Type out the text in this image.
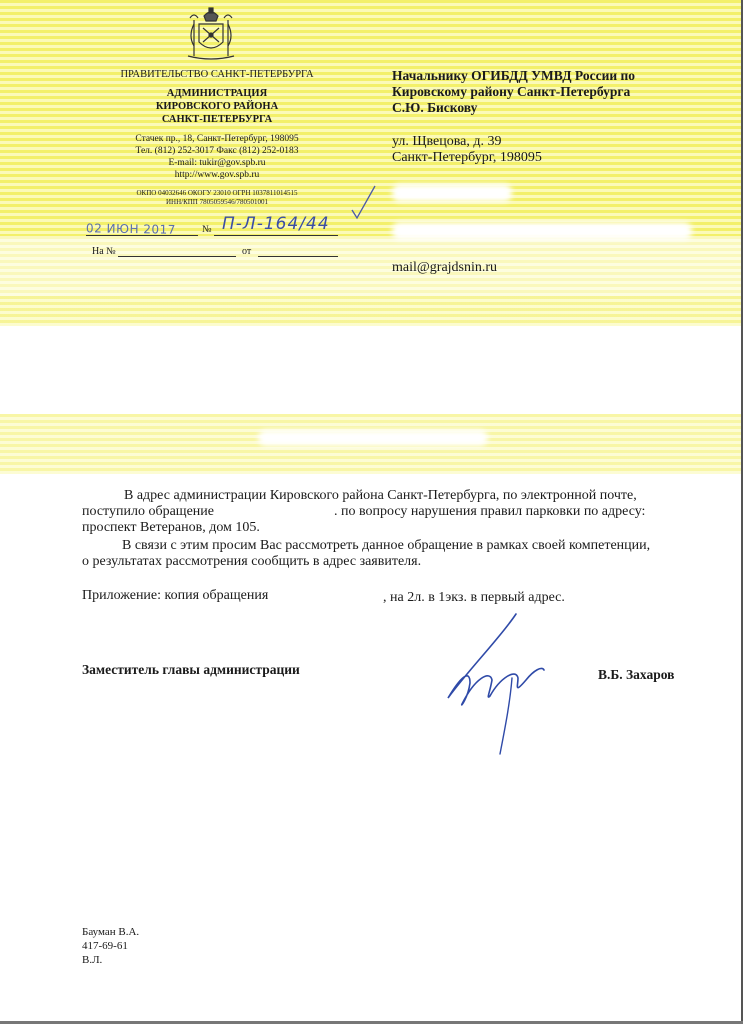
ПРАВИТЕЛЬСТВО САНКТ-ПЕТЕРБУРГА
АДМИНИСТРАЦИЯ
КИРОВСКОГО РАЙОНА
САНКТ-ПЕТЕРБУРГА
Стачек пр., 18, Санкт-Петербург, 198095
Тел. (812) 252-3017 Факс (812) 252-0183
E-mail: tukir@gov.spb.ru
http://www.gov.spb.ru
ОКПО 04032646 ОКОГУ 23010 ОГРН 1037811014515
ИНН/КПП 7805059546/780501001
02 ИЮН 2017	№ П-Л-164/44
На №	от
Начальнику ОГИБДД УМВД России по
Кировскому району Санкт-Петербурга
С.Ю. Бискову
ул. Щвецова, д. 39
Санкт-Петербург, 198095
mail@grajdsnin.ru
В адрес администрации Кировского района Санкт-Петербурга, по электронной почте,
поступило обращение	. по вопросу нарушения правил парковки по адресу:
проспект Ветеранов, дом 105.
В связи с этим просим Вас рассмотреть данное обращение в рамках своей компетенции,
о результатах рассмотрения сообщить в адрес заявителя.
Приложение: копия обращения	, на 2л. в 1экз. в первый адрес.
Заместитель главы администрации	В.Б. Захаров
Бауман В.А.
417-69-61
В.Л.
